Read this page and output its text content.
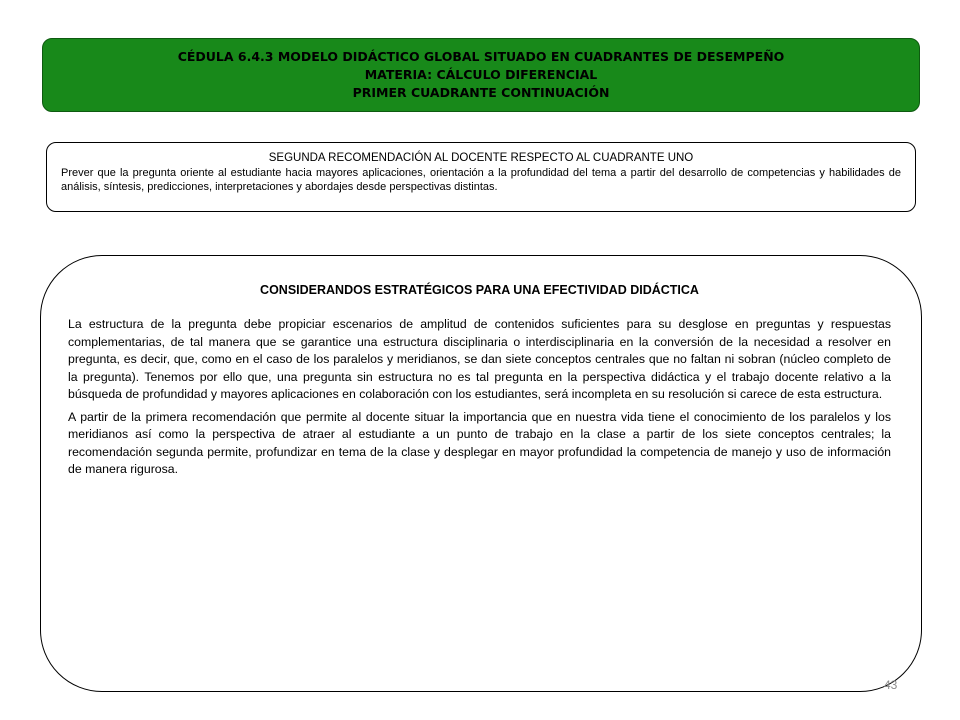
CÉDULA 6.4.3 MODELO DIDÁCTICO GLOBAL SITUADO EN CUADRANTES DE DESEMPEÑO
MATERIA: CÁLCULO DIFERENCIAL
PRIMER CUADRANTE CONTINUACIÓN
SEGUNDA RECOMENDACIÓN AL DOCENTE RESPECTO AL CUADRANTE UNO
Prever que la pregunta oriente al estudiante hacia mayores aplicaciones, orientación a la profundidad del tema a partir del desarrollo de competencias y habilidades de análisis, síntesis, predicciones, interpretaciones y abordajes desde perspectivas distintas.
CONSIDERANDOS ESTRATÉGICOS PARA UNA EFECTIVIDAD DIDÁCTICA

La estructura de la pregunta debe propiciar escenarios de amplitud de contenidos suficientes para su desglose en preguntas y respuestas complementarias, de tal manera que se garantice una estructura disciplinaria o interdisciplinaria en la conversión de la necesidad a resolver en pregunta, es decir, que, como en el caso de los paralelos y meridianos, se dan siete conceptos centrales que no faltan ni sobran (núcleo completo de la pregunta). Tenemos por ello que, una pregunta sin estructura no es tal pregunta en la perspectiva didáctica y el trabajo docente relativo a la búsqueda de profundidad y mayores aplicaciones en colaboración con los estudiantes, será incompleta en su resolución si carece de esta estructura.

A partir de la primera recomendación que permite al docente situar la importancia que en nuestra vida tiene el conocimiento de los paralelos y los meridianos así como la perspectiva de atraer al estudiante a un punto de trabajo en la clase a partir de los siete conceptos centrales; la recomendación segunda permite, profundizar en tema de la clase y desplegar en mayor profundidad la competencia de manejo y uso de información de manera rigurosa.

43
